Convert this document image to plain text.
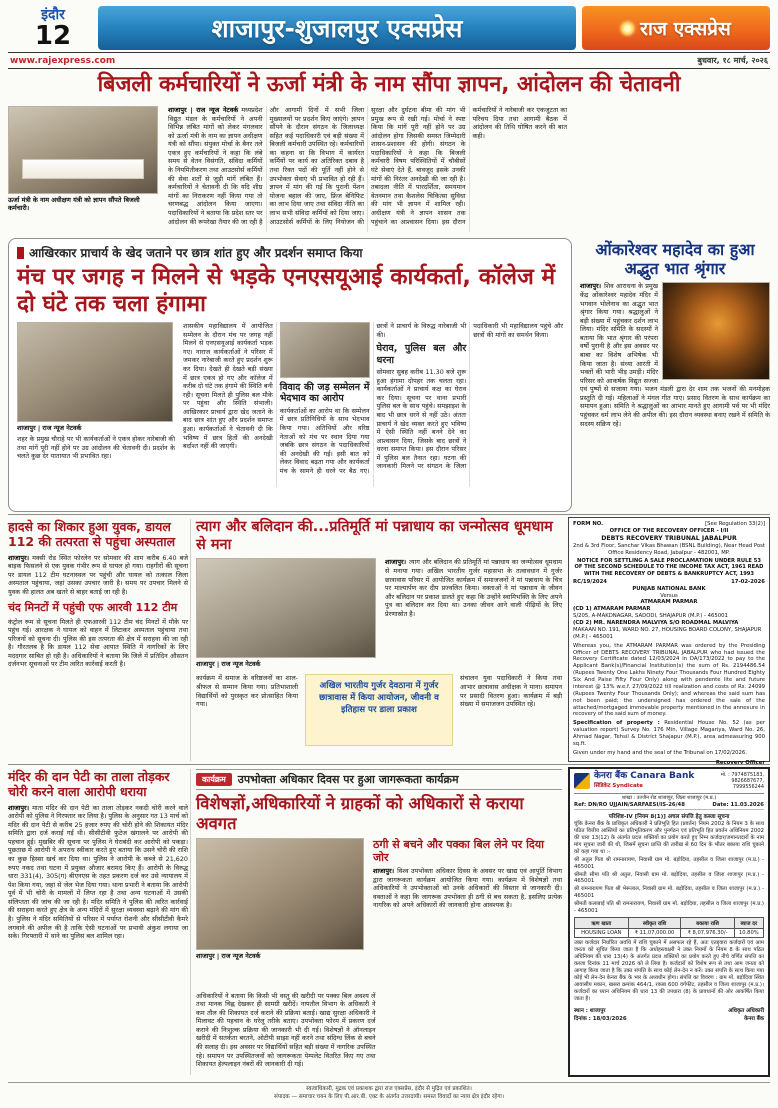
इंदौर
12	शाजापुर-शुजालपुर एक्सप्रेस	राज एक्सप्रेस
www.rajexpress.com	बुधवार, १८ मार्च, २०२६
बिजली कर्मचारियों ने ऊर्जा मंत्री के नाम सौंपा ज्ञापन, आंदोलन की चेतावनी
ऊर्जा मंत्री के नाम अधीक्षण यंत्री को ज्ञापन सौंपते बिजली कर्मचारी।
शाजापुर | राज न्यूज नेटवर्क मध्यप्रदेश विद्युत मंडल के कर्मचारियों ने अपनी विभिन्न लंबित मांगों को लेकर मंगलवार को ऊर्जा मंत्री के नाम का ज्ञापन अधीक्षण यंत्री को सौंपा। संयुक्त मोर्चा के बैनर तले एकत्र हुए कर्मचारियों ने कहा कि लंबे समय से वेतन विसंगति, संविदा कर्मियों के नियमितीकरण तथा आउटसोर्स कर्मियों की सेवा शर्तों से जुड़ी मांगें लंबित हैं। कर्मचारियों ने चेतावनी दी कि यदि शीघ्र मांगों का निराकरण नहीं किया गया तो चरणबद्ध आंदोलन किया जाएगा। पदाधिकारियों ने बताया कि प्रदेश स्तर पर आंदोलन की रूपरेखा तैयार की जा रही है और आगामी दिनों में सभी जिला मुख्यालयों पर प्रदर्शन किए जाएंगे। ज्ञापन सौंपने के दौरान संगठन के जिलाध्यक्ष सहित कई पदाधिकारी एवं बड़ी संख्या में बिजली कर्मचारी उपस्थित रहे। कर्मचारियों का कहना था कि विभाग में कार्यरत कर्मियों पर कार्य का अतिरिक्त दबाव है तथा रिक्त पदों की पूर्ति नहीं होने से उपभोक्ता सेवाएं भी प्रभावित हो रही हैं। ज्ञापन में मांग की गई कि पुरानी पेंशन योजना बहाल की जाए, फ्रिंज बेनिफिट का लाभ दिया जाए तथा संविदा नीति का लाभ सभी संविदा कर्मियों को दिया जाए। आउटसोर्स कर्मियों के लिए नियोजन की सुरक्षा और दुर्घटना बीमा की मांग भी प्रमुख रूप से रखी गई। मोर्चा ने स्पष्ट किया कि मांगें पूरी नहीं होने पर उग्र आंदोलन होगा जिसकी समस्त जिम्मेदारी शासन-प्रशासन की होगी। संगठन के पदाधिकारियों ने कहा कि बिजली कर्मचारी विषम परिस्थितियों में चौबीसों घंटे सेवाएं देते हैं, बावजूद इसके उनकी मांगों की निरंतर अनदेखी की जा रही है। तबादला नीति में पारदर्शिता, समयमान वेतनमान तथा कैशलेस चिकित्सा सुविधा की मांग भी ज्ञापन में शामिल रही। अधीक्षण यंत्री ने ज्ञापन शासन तक पहुंचाने का आश्वासन दिया। इस दौरान कर्मचारियों ने नारेबाजी कर एकजुटता का परिचय दिया तथा आगामी बैठक में आंदोलन की तिथि घोषित करने की बात कही।
आखिरकार प्राचार्य के खेद जताने पर छात्र शांत हुए और प्रदर्शन समाप्त किया
मंच पर जगह न मिलने से भड़के एनएसयूआई कार्यकर्ता, कॉलेज में दो घंटे तक चला हंगामा
शाजापुर | राज न्यूज नेटवर्क
शहर के प्रमुख चौराहे पर भी कार्यकर्ताओं ने एकत्र होकर नारेबाजी की तथा मांगें पूरी नहीं होने पर उग्र आंदोलन की चेतावनी दी। प्रदर्शन के चलते कुछ देर यातायात भी प्रभावित रहा।
शासकीय महाविद्यालय में आयोजित सम्मेलन के दौरान मंच पर जगह नहीं मिलने से एनएसयूआई कार्यकर्ता भड़क गए। नाराज कार्यकर्ताओं ने परिसर में जमकर नारेबाजी करते हुए प्रदर्शन शुरू कर दिया। देखते ही देखते बड़ी संख्या में छात्र एकत्र हो गए और कॉलेज में करीब दो घंटे तक हंगामे की स्थिति बनी रही। सूचना मिलते ही पुलिस बल मौके पर पहुंचा और स्थिति संभाली। आखिरकार प्राचार्य द्वारा खेद जताने के बाद छात्र शांत हुए और प्रदर्शन समाप्त हुआ। कार्यकर्ताओं ने चेतावनी दी कि भविष्य में छात्र हितों की अनदेखी बर्दाश्त नहीं की जाएगी।
विवाद की जड़ सम्मेलन में भेदभाव का आरोप
कार्यकर्ताओं का आरोप था कि सम्मेलन में छात्र प्रतिनिधियों के साथ भेदभाव किया गया। अतिथियों और वरिष्ठ नेताओं को मंच पर स्थान दिया गया जबकि छात्र संगठन के पदाधिकारियों की अनदेखी की गई। इसी बात को लेकर विवाद बढ़ता गया और कार्यकर्ता मंच के सामने ही धरने पर बैठ गए। छात्रों ने प्राचार्य के विरुद्ध नारेबाजी भी की।
घेराव, पुलिस बल और धरना
सोमवार सुबह करीब 11.30 बजे शुरू हुआ हंगामा दोपहर तक चलता रहा। कार्यकर्ताओं ने प्राचार्य कक्ष का घेराव कर दिया। सूचना पर थाना प्रभारी पुलिस बल के साथ पहुंचे। समझाइश के बाद भी छात्र धरने से नहीं उठे। अंततः प्राचार्य ने खेद व्यक्त करते हुए भविष्य में ऐसी स्थिति नहीं बनने देने का आश्वासन दिया, जिसके बाद छात्रों ने धरना समाप्त किया। इस दौरान परिसर में पुलिस बल तैनात रहा। घटना की जानकारी मिलने पर संगठन के जिला पदाधिकारी भी महाविद्यालय पहुंचे और छात्रों की मांगों का समर्थन किया।
ओंकारेश्वर महादेव का हुआ अद्भुत भात श्रृंगार
शाजापुर। शिव आराधना के प्रमुख केंद्र ओंकारेश्वर महादेव मंदिर में भगवान भोलेनाथ का अद्भुत भात श्रृंगार किया गया। श्रद्धालुओं ने बड़ी संख्या में पहुंचकर दर्शन लाभ लिया। मंदिर समिति के सदस्यों ने बताया कि भात श्रृंगार की परंपरा वर्षों पुरानी है और इस अवसर पर बाबा का विशेष अभिषेक भी किया जाता है। संध्या आरती में भक्तों की भारी भीड़ उमड़ी। मंदिर परिसर को आकर्षक विद्युत सज्जा एवं पुष्पों से सजाया गया। भजन मंडली द्वारा देर शाम तक भजनों की मनमोहक प्रस्तुति दी गई। महिलाओं ने मंगल गीत गाए। प्रसाद वितरण के साथ कार्यक्रम का समापन हुआ। समिति ने श्रद्धालुओं का आभार मानते हुए आगामी पर्व पर भी मंदिर पहुंचकर धर्म लाभ लेने की अपील की। इस दौरान व्यवस्था बनाए रखने में समिति के सदस्य सक्रिय रहे।
हादसे का शिकार हुआ युवक, डायल 112 की तत्परता से पहुंचा अस्पताल
शाजापुर। मक्सी रोड स्थित फोरलेन पर सोमवार की शाम करीब 6.40 बजे बाइक फिसलने से एक युवक गंभीर रूप से घायल हो गया। राहगीरों की सूचना पर डायल 112 टीम घटनास्थल पर पहुंची और घायल को तत्काल जिला अस्पताल पहुंचाया, जहां उसका उपचार जारी है। समय पर उपचार मिलने से युवक की हालत अब खतरे से बाहर बताई जा रही है।
चंद मिनटों में पहुंची एफ आरवी 112 टीम
कंट्रोल रूम से सूचना मिलते ही एफआरवी 112 टीम चंद मिनटों में मौके पर पहुंच गई। आरक्षक ने घायल को वाहन में लिटाकर अस्पताल पहुंचाया तथा परिजनों को सूचना दी। पुलिस की इस तत्परता की क्षेत्र में सराहना की जा रही है। गौरतलब है कि डायल 112 सेवा आपात स्थिति में नागरिकों के लिए मददगार साबित हो रही है। अधिकारियों ने बताया कि जिले में प्रतिदिन औसतन दर्जनभर सूचनाओं पर टीम त्वरित कार्रवाई करती है।
त्याग और बलिदान की...प्रतिमूर्ति मां पन्नाधाय का जन्मोत्सव धूमधाम से मना
शाजापुर | राज न्यूज नेटवर्क
शाजापुर। त्याग और बलिदान की प्रतिमूर्ति मां पन्नाधाय का जन्मोत्सव धूमधाम से मनाया गया। अखिल भारतीय गुर्जर महासभा के तत्वावधान में गुर्जर छात्रावास परिसर में आयोजित कार्यक्रम में समाजजनों ने मां पन्नाधाय के चित्र पर माल्यार्पण कर दीप प्रज्वलित किया। वक्ताओं ने मां पन्नाधाय के जीवन और बलिदान पर प्रकाश डालते हुए कहा कि उन्होंने स्वामिभक्ति के लिए अपने पुत्र का बलिदान कर दिया था। उनका जीवन आने वाली पीढ़ियों के लिए प्रेरणास्रोत है।
कार्यक्रम में समाज के वरिष्ठजनों का शाल-श्रीफल से सम्मान किया गया। प्रतिभाशाली विद्यार्थियों को पुरस्कृत कर प्रोत्साहित किया गया।
अखिल भारतीय गुर्जर देवठाना में गुर्जर छात्रावास में किया आयोजन, जीवनी व इतिहास पर डाला प्रकाश
संचालन युवा पदाधिकारी ने किया तथा आभार छात्रावास अधीक्षक ने माना। समापन पर प्रसादी वितरण हुआ। कार्यक्रम में बड़ी संख्या में समाजजन उपस्थित रहे।
FORM NO.	[See Regulation 33(2)]
OFFICE OF THE RECOVERY OFFICER - I/II
DEBTS RECOVERY TRIBUNAL JABALPUR
2nd & 3rd Floor, Sanchar Vikas Bhawan (BSNL Building), Near Head Post Office Residency Road, Jabalpur - 482001, MP.
NOTICE FOR SETTLING A SALE PROCLAMATION UNDER RULE 53 OF THE SECOND SCHEDULE TO THE INCOME TAX ACT, 1961 READ WITH THE RECOVERY OF DEBTS & BANKRUPTCY ACT, 1993
RC/19/2024	17-02-2026
PUNJAB NATIONAL BANK
Versus
ATMARAM PARMAR
(CD 1) ATMARAM PARMAR
S/205, A-MAKDNAGAR, SADODI, SHAJAPUR (M.P.) - 465001
(CD 2) MR. NARENDRA MALVIYA S/O ROADMAL MALVIYA
MAKAAN NO. 191, WARD NO. 27, HOUSING BOARD COLONY, SHAJAPUR (M.P.) - 465001
Whereas you, the ATMARAM PARMAR was ordered by the Presiding Officer of DEBTS RECOVERY TRIBUNAL JABALPUR who had issued the Recovery Certificate dated 12/03/2024 in DA/173/2022 to pay to the Applicant Bank(s)/Financial Institution(s) the sum of Rs. 2194486.54 (Rupees Twenty One Lakhs Ninety Four Thousands Four Hundred Eighty Six And Paise Fifty Four Only) along with pendente lite and future interest @ 13% w.e.f. 27/09/2022 till realization and costs of Rs. 24099 (Rupees Twenty Four Thousands Only); and whereas the said sum has not been paid; the undersigned has ordered the sale of the attached/mortgaged immovable property mentioned in the annexure in recovery of the said sum of money.
Specification of property : Residential House No. 52 (as per valuation report) Survey No. 176 Min, Village Magariya, Ward No. 26, Ahmad Nagar, Tehsil & District Shajapur (M.P.), area admeasuring 900 sq.ft.
Given under my hand and the seal of the Tribunal on 17/02/2026.
Recovery Officer

मंदिर की दान पेटी का ताला तोड़कर चोरी करने वाला आरोपी धराया
शाजापुर। माता मंदिर की दान पेटी का ताला तोड़कर नकदी चोरी करने वाले आरोपी को पुलिस ने गिरफ्तार कर लिया है। पुलिस के अनुसार गत 13 मार्च को मंदिर की दान पेटी से करीब 25 हजार रुपए की चोरी होने की शिकायत मंदिर समिति द्वारा दर्ज कराई गई थी। सीसीटीवी फुटेज खंगालने पर आरोपी की पहचान हुई। मुखबिर की सूचना पर पुलिस ने घेराबंदी कर आरोपी को पकड़ा। पूछताछ में आरोपी ने अपराध स्वीकार करते हुए बताया कि उसने चोरी की राशि का कुछ हिस्सा खर्च कर दिया था। पुलिस ने आरोपी के कब्जे से 21,620 रुपए नकद तथा घटना में प्रयुक्त औजार बरामद किए हैं। आरोपी के विरुद्ध धारा 331(4), 305(ग) बीएनएस के तहत प्रकरण दर्ज कर उसे न्यायालय में पेश किया गया, जहां से जेल भेज दिया गया। थाना प्रभारी ने बताया कि आरोपी पूर्व में भी चोरी के मामलों में लिप्त रहा है तथा अन्य घटनाओं में उसकी संलिप्तता की जांच की जा रही है। मंदिर समिति ने पुलिस की त्वरित कार्रवाई की सराहना करते हुए क्षेत्र के अन्य मंदिरों में सुरक्षा व्यवस्था बढ़ाने की मांग की है। पुलिस ने मंदिर समितियों से परिसर में पर्याप्त रोशनी और सीसीटीवी कैमरे लगवाने की अपील की है ताकि ऐसी घटनाओं पर प्रभावी अंकुश लगाया जा सके। गिरफ्तारी में थाने का पुलिस बल शामिल रहा।
कार्यक्रम	उपभोक्ता अधिकार दिवस पर हुआ जागरूकता कार्यक्रम
विशेषज्ञों,अधिकारियों ने ग्राहकों को अधिकारों से कराया अवगत
शाजापुर | राज न्यूज नेटवर्क
ठगी से बचने और पक्का बिल लेने पर दिया जोर
शाजापुर। विश्व उपभोक्ता अधिकार दिवस के अवसर पर खाद्य एवं आपूर्ति विभाग द्वारा जागरूकता कार्यक्रम आयोजित किया गया। कार्यक्रम में विशेषज्ञों तथा अधिकारियों ने उपभोक्ताओं को उनके अधिकारों की विस्तार से जानकारी दी। वक्ताओं ने कहा कि जागरूक उपभोक्ता ही ठगी से बच सकता है, इसलिए प्रत्येक नागरिक को अपने अधिकारों की जानकारी होना आवश्यक है।
अधिकारियों ने बताया कि किसी भी वस्तु की खरीदी पर पक्का बिल अवश्य लें तथा मानक चिह्न देखकर ही सामग्री खरीदें। नापतौल विभाग के अधिकारी ने कम तौल की शिकायत दर्ज कराने की प्रक्रिया बताई। खाद्य सुरक्षा अधिकारी ने मिलावट की पहचान के घरेलू तरीके बताए। उपभोक्ता फोरम में प्रकरण दर्ज कराने की निःशुल्क प्रक्रिया की जानकारी भी दी गई। विशेषज्ञों ने ऑनलाइन खरीदी में सतर्कता बरतने, ओटीपी साझा नहीं करने तथा संदिग्ध लिंक से बचने की सलाह दी। इस अवसर पर विद्यार्थियों सहित बड़ी संख्या में नागरिक उपस्थित रहे। समापन पर उपस्थितजनों को जागरूकता पेम्पलेट वितरित किए गए तथा शिकायत हेल्पलाइन नंबरों की जानकारी दी गई।
केनरा बैंक Canara Bank
सिंडिकेट Syndicate
मो. : 7974875183, 9826687677, 7999556244
शाखा : उज्जैन रोड शाजापुर, जिला शाजापुर (म.प्र.)
Ref: DN/RO UJJAIN/SARFAESI/IS-26/48	Date: 11.03.2026
परिशिष्ट-IV [नियम 8(1)] अचल संपत्ति हेतु कब्जा सूचना
चूंकि केनरा बैंक के प्राधिकृत अधिकारी ने प्रतिभूति हित (प्रवर्तन) नियम 2002 के नियम 3 के साथ पठित वित्तीय आस्तियों का प्रतिभूतिकरण और पुनर्गठन एवं प्रतिभूति हित प्रवर्तन अधिनियम 2002 की धारा 13(12) के अंतर्गत प्रदत्त शक्तियों का प्रयोग करते हुए निम्न कर्जदार/जमानतदारों के नाम मांग सूचना जारी की थी, जिसमें सूचना प्राप्ति की तारीख से 60 दिन के भीतर बकाया राशि चुकाने को कहा गया था :-
श्री अतुल पिता श्री रामनारायण, निवासी ग्राम मो. बड़ोदिया, तहसील व जिला शाजापुर (म.प्र.) - 465001
श्रीमती सीमा पति श्री अतुल, निवासी ग्राम मो. बड़ोदिया, तहसील व जिला शाजापुर (म.प्र.) - 465001
श्री रामनारायण पिता श्री भेरूलाल, निवासी ग्राम मो. बड़ोदिया, तहसील व जिला शाजापुर (म.प्र.) - 465001
श्रीमती कलाबाई पति श्री रामनारायण, निवासी ग्राम मो. बड़ोदिया, तहसील व जिला शाजापुर (म.प्र.) - 465001
ऋण खाता	स्वीकृत राशि	बकाया राशि	ब्याज दर
HOUSING LOAN	₹ 11,07,000.00	₹ 8,07,976.30/-	10.80%
उक्त कर्जदार निर्धारित अवधि में राशि चुकाने में असफल रहे हैं, अतः एतद्द्वारा कर्जदारों एवं आम जनता को सूचित किया जाता है कि अधोहस्ताक्षरी ने उक्त नियमों के नियम 8 के साथ पठित अधिनियम की धारा 13(4) के अंतर्गत प्रदत्त शक्तियों का प्रयोग करते हुए नीचे वर्णित संपत्ति का कब्जा दिनांक 11 मार्च 2026 को ले लिया है। कर्जदारों को विशेष रूप से तथा आम जनता को आगाह किया जाता है कि उक्त संपत्ति के साथ कोई लेन-देन न करें। उक्त संपत्ति के साथ किया गया कोई भी लेन-देन केनरा बैंक के भार के अध्यधीन होगा। संपत्ति का विवरण : ग्राम मो. बड़ोदिया स्थित आवासीय मकान, खसरा क्रमांक 464/1, रकबा 600 वर्गफीट, तहसील व जिला शाजापुर (म.प्र.)। कर्जदारों का ध्यान अधिनियम की धारा 13 की उपधारा (8) के प्रावधानों की ओर आकर्षित किया जाता है।
स्थान : शाजापुर
दिनांक : 18/03/2026
अधिकृत अधिकारी
केनरा बैंक
स्वत्वाधिकारी, मुद्रक एवं प्रकाशक द्वारा राज एक्सप्रेस, इंदौर से मुद्रित एवं प्रकाशित।
संपादक — समाचार चयन के लिए पी.आर.बी. एक्ट के अंतर्गत उत्तरदायी। समस्त विवादों का न्याय क्षेत्र इंदौर रहेगा।
